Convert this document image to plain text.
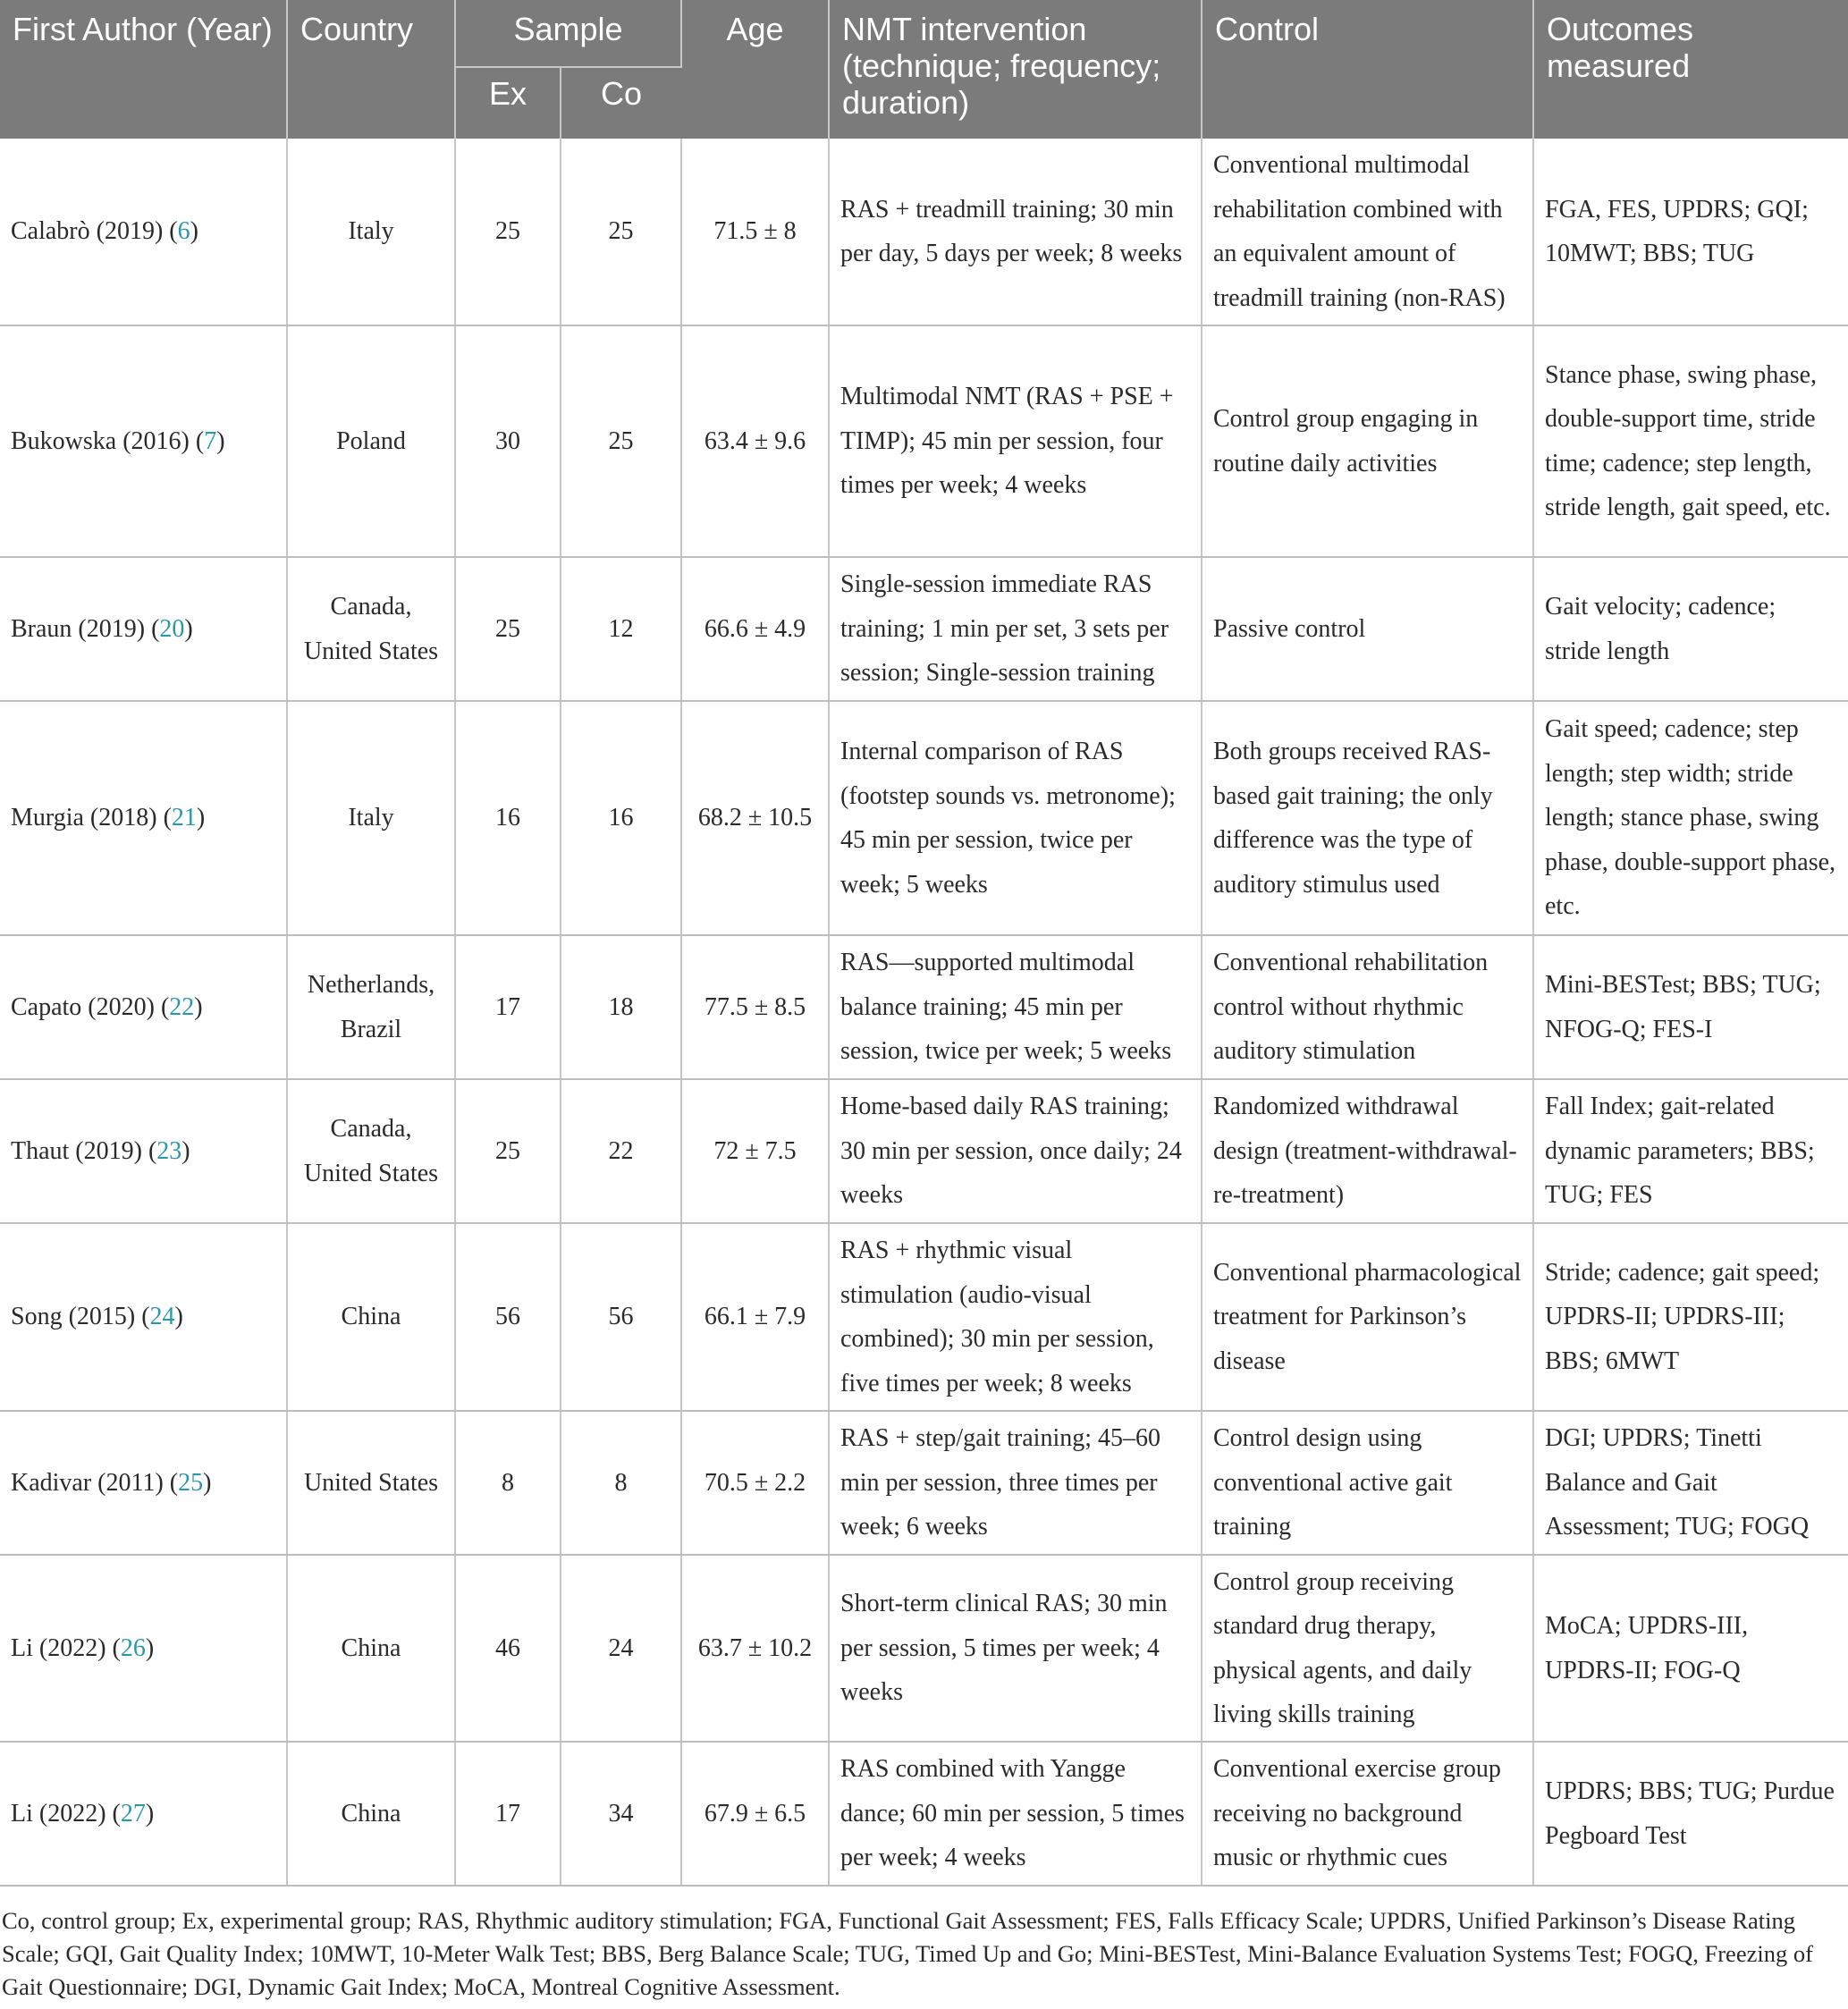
First Author (Year)	Country	Sample		Age	NMT intervention (technique; frequency; duration)	Control	Outcomes measured
		Ex	Co				
Calabrò (2019) (6)	Italy	25	25	71.5 ± 8	RAS + treadmill training; 30 min per day, 5 days per week; 8 weeks	Conventional multimodal rehabilitation combined with an equivalent amount of treadmill training (non-RAS)	FGA, FES, UPDRS; GQI; 10MWT; BBS; TUG
Bukowska (2016) (7)	Poland	30	25	63.4 ± 9.6	Multimodal NMT (RAS + PSE + TIMP); 45 min per session, four times per week; 4 weeks	Control group engaging in routine daily activities	Stance phase, swing phase, double-support time, stride time; cadence; step length, stride length, gait speed, etc.
Braun (2019) (20)	Canada, United States	25	12	66.6 ± 4.9	Single-session immediate RAS training; 1 min per set, 3 sets per session; Single-session training	Passive control	Gait velocity; cadence; stride length
Murgia (2018) (21)	Italy	16	16	68.2 ± 10.5	Internal comparison of RAS (footstep sounds vs. metronome); 45 min per session, twice per week; 5 weeks	Both groups received RAS-based gait training; the only difference was the type of auditory stimulus used	Gait speed; cadence; step length; step width; stride length; stance phase, swing phase, double-support phase, etc.
Capato (2020) (22)	Netherlands, Brazil	17	18	77.5 ± 8.5	RAS—supported multimodal balance training; 45 min per session, twice per week; 5 weeks	Conventional rehabilitation control without rhythmic auditory stimulation	Mini-BESTest; BBS; TUG; NFOG-Q; FES-I
Thaut (2019) (23)	Canada, United States	25	22	72 ± 7.5	Home-based daily RAS training; 30 min per session, once daily; 24 weeks	Randomized withdrawal design (treatment-withdrawal-re-treatment)	Fall Index; gait-related dynamic parameters; BBS; TUG; FES
Song (2015) (24)	China	56	56	66.1 ± 7.9	RAS + rhythmic visual stimulation (audio-visual combined); 30 min per session, five times per week; 8 weeks	Conventional pharmacological treatment for Parkinson’s disease	Stride; cadence; gait speed; UPDRS-II; UPDRS-III; BBS; 6MWT
Kadivar (2011) (25)	United States	8	8	70.5 ± 2.2	RAS + step/gait training; 45–60 min per session, three times per week; 6 weeks	Control design using conventional active gait training	DGI; UPDRS; Tinetti Balance and Gait Assessment; TUG; FOGQ
Li (2022) (26)	China	46	24	63.7 ± 10.2	Short-term clinical RAS; 30 min per session, 5 times per week; 4 weeks	Control group receiving standard drug therapy, physical agents, and daily living skills training	MoCA; UPDRS-III, UPDRS-II; FOG-Q
Li (2022) (27)	China	17	34	67.9 ± 6.5	RAS combined with Yangge dance; 60 min per session, 5 times per week; 4 weeks	Conventional exercise group receiving no background music or rhythmic cues	UPDRS; BBS; TUG; Purdue Pegboard Test
Co, control group; Ex, experimental group; RAS, Rhythmic auditory stimulation; FGA, Functional Gait Assessment; FES, Falls Efficacy Scale; UPDRS, Unified Parkinson’s Disease Rating Scale; GQI, Gait Quality Index; 10MWT, 10-Meter Walk Test; BBS, Berg Balance Scale; TUG, Timed Up and Go; Mini-BESTest, Mini-Balance Evaluation Systems Test; FOGQ, Freezing of Gait Questionnaire; DGI, Dynamic Gait Index; MoCA, Montreal Cognitive Assessment.
